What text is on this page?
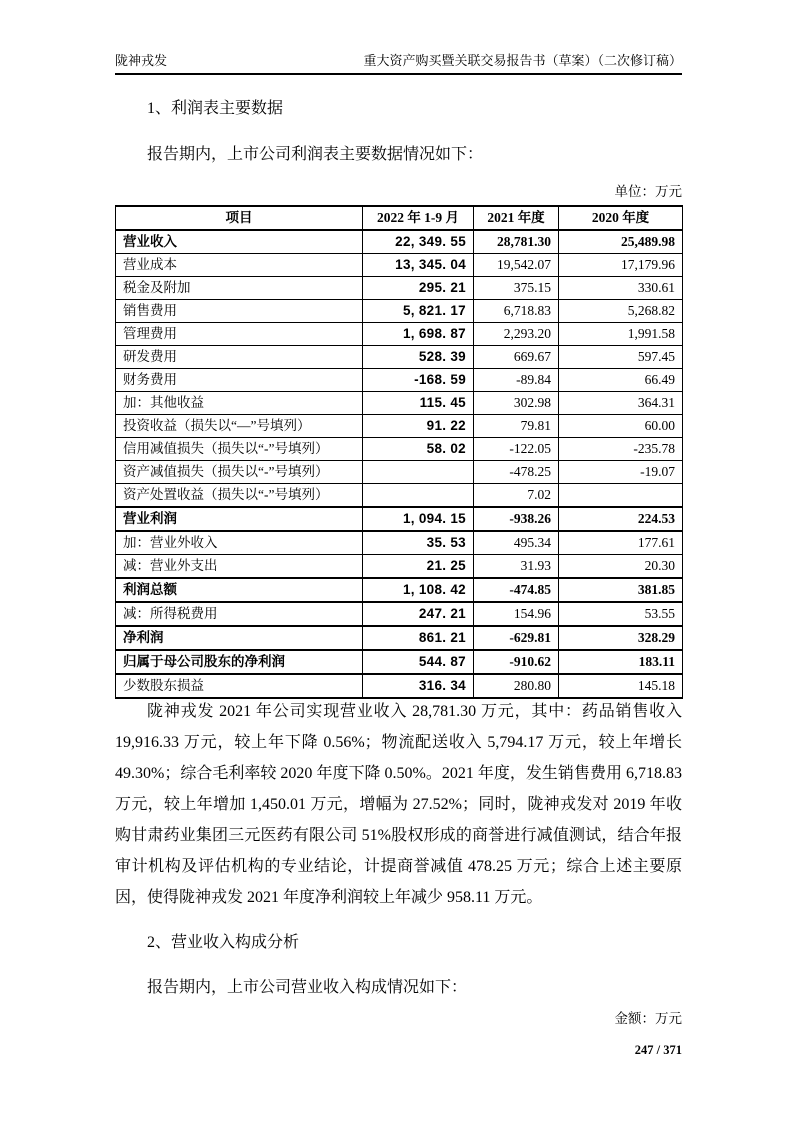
陇神戎发	重大资产购买暨关联交易报告书（草案）（二次修订稿）
1、利润表主要数据
报告期内，上市公司利润表主要数据情况如下：
单位：万元
项目	2022 年 1-9 月	2021 年度	2020 年度
营业收入	22, 349. 55	28,781.30	25,489.98
营业成本	13, 345. 04	19,542.07	17,179.96
税金及附加	295. 21	375.15	330.61
销售费用	5, 821. 17	6,718.83	5,268.82
管理费用	1, 698. 87	2,293.20	1,991.58
研发费用	528. 39	669.67	597.45
财务费用	-168. 59	-89.84	66.49
加：其他收益	115. 45	302.98	364.31
投资收益（损失以“—”号填列）	91. 22	79.81	60.00
信用减值损失（损失以“-”号填列）	58. 02	-122.05	-235.78
资产减值损失（损失以“-”号填列）		-478.25	-19.07
资产处置收益（损失以“-”号填列）		7.02	
营业利润	1, 094. 15	-938.26	224.53
加：营业外收入	35. 53	495.34	177.61
减：营业外支出	21. 25	31.93	20.30
利润总额	1, 108. 42	-474.85	381.85
减：所得税费用	247. 21	154.96	53.55
净利润	861. 21	-629.81	328.29
归属于母公司股东的净利润	544. 87	-910.62	183.11
少数股东损益	316. 34	280.80	145.18

陇神戎发 2021 年公司实现营业收入 28,781.30 万元，其中：药品销售收入 19,916.33 万元，较上年下降 0.56%；物流配送收入 5,794.17 万元，较上年增长 49.30%；综合毛利率较 2020 年度下降 0.50%。2021 年度，发生销售费用 6,718.83 万元，较上年增加 1,450.01 万元，增幅为 27.52%；同时，陇神戎发对 2019 年收购甘肃药业集团三元医药有限公司 51%股权形成的商誉进行减值测试，结合年报审计机构及评估机构的专业结论，计提商誉减值 478.25 万元；综合上述主要原因，使得陇神戎发 2021 年度净利润较上年减少 958.11 万元。

2、营业收入构成分析
报告期内，上市公司营业收入构成情况如下：
金额：万元
247 / 371
